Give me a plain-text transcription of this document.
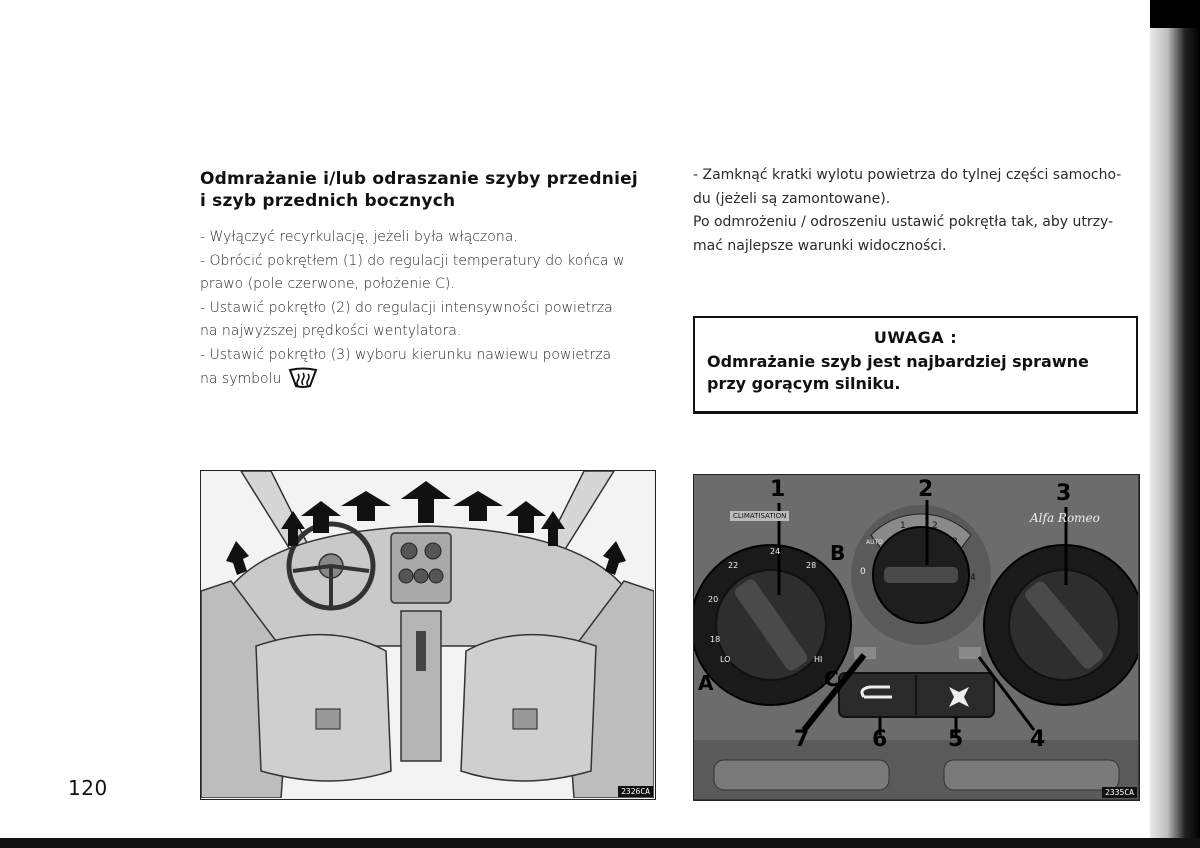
Odmrażanie i/lub odraszanie szyby przedniej
i szyb przednich bocznych

- Wyłączyć recyrkulację, jeżeli była włączona.

- Obrócić pokrętłem (1) do regulacji temperatury do końca w

prawo (pole czerwone, położenie C).

- Ustawić pokrętło (2) do regulacji intensywności powietrza

na najwyższej prędkości wentylatora.

- Ustawić pokrętło (3) wyboru kierunku nawiewu powietrza

na symbolu

- Zamknąć kratki wylotu powietrza do tylnej części samocho-

du (jeżeli są zamontowane).

Po odmrożeniu / odroszeniu ustawić pokrętła tak, aby utrzy-

mać najlepsze warunki widoczności.

UWAGA :
Odmrażanie szyb jest najbardziej sprawne
przy gorącym silniku.
2326CA
1	2	3
4
5
6
7
A
B
C
CLIMATISATION	Alfa Romeo
LO
18
20
22
24
28
HI
0
1	2
3
4
AUTO
2335CA
120
